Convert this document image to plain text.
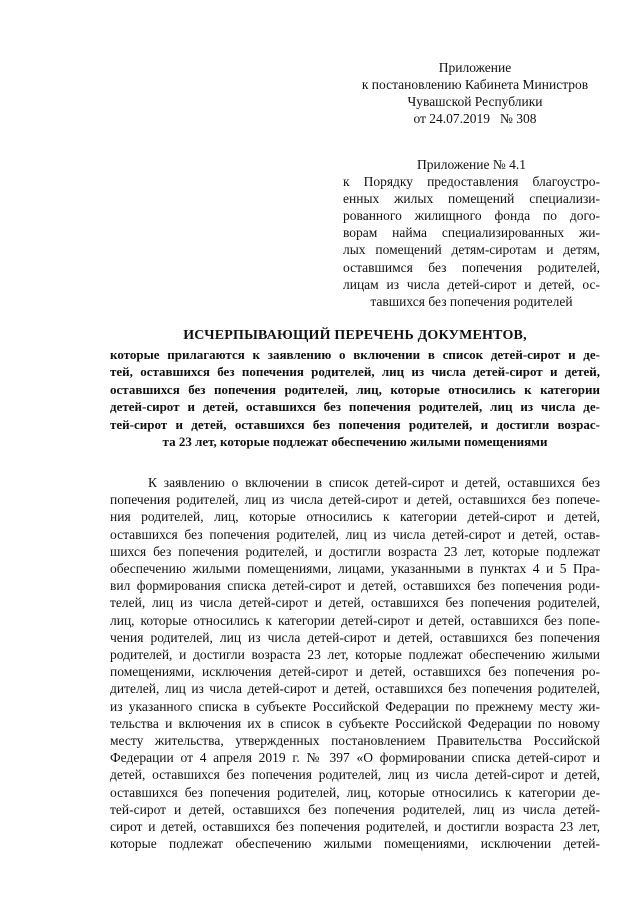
Приложение
к постановлению Кабинета Министров
Чувашской Республики
от 24.07.2019 № 308
Приложение № 4.1
к Порядку предоставления благоустро-
енных жилых помещений специализи-
рованного жилищного фонда по дого-
ворам найма специализированных жи-
лых помещений детям-сиротам и детям,
оставшимся без попечения родителей,
лицам из числа детей-сирот и детей, ос-
тавшихся без попечения родителей
ИСЧЕРПЫВАЮЩИЙ ПЕРЕЧЕНЬ ДОКУМЕНТОВ,
которые прилагаются к заявлению о включении в список детей-сирот и де-
тей, оставшихся без попечения родителей, лиц из числа детей-сирот и детей,
оставшихся без попечения родителей, лиц, которые относились к категории
детей-сирот и детей, оставшихся без попечения родителей, лиц из числа де-
тей-сирот и детей, оставшихся без попечения родителей, и достигли возрас-
та 23 лет, которые подлежат обеспечению жилыми помещениями
К заявлению о включении в список детей-сирот и детей, оставшихся без
попечения родителей, лиц из числа детей-сирот и детей, оставшихся без попече-
ния родителей, лиц, которые относились к категории детей-сирот и детей,
оставшихся без попечения родителей, лиц из числа детей-сирот и детей, остав-
шихся без попечения родителей, и достигли возраста 23 лет, которые подлежат
обеспечению жилыми помещениями, лицами, указанными в пунктах 4 и 5 Пра-
вил формирования списка детей-сирот и детей, оставшихся без попечения роди-
телей, лиц из числа детей-сирот и детей, оставшихся без попечения родителей,
лиц, которые относились к категории детей-сирот и детей, оставшихся без попе-
чения родителей, лиц из числа детей-сирот и детей, оставшихся без попечения
родителей, и достигли возраста 23 лет, которые подлежат обеспечению жилыми
помещениями, исключения детей-сирот и детей, оставшихся без попечения ро-
дителей, лиц из числа детей-сирот и детей, оставшихся без попечения родителей,
из указанного списка в субъекте Российской Федерации по прежнему месту жи-
тельства и включения их в список в субъекте Российской Федерации по новому
месту жительства, утвержденных постановлением Правительства Российской
Федерации от 4 апреля 2019 г. № 397 «О формировании списка детей-сирот и
детей, оставшихся без попечения родителей, лиц из числа детей-сирот и детей,
оставшихся без попечения родителей, лиц, которые относились к категории де-
тей-сирот и детей, оставшихся без попечения родителей, лиц из числа детей-
сирот и детей, оставшихся без попечения родителей, и достигли возраста 23 лет,
которые подлежат обеспечению жилыми помещениями, исключении детей-
